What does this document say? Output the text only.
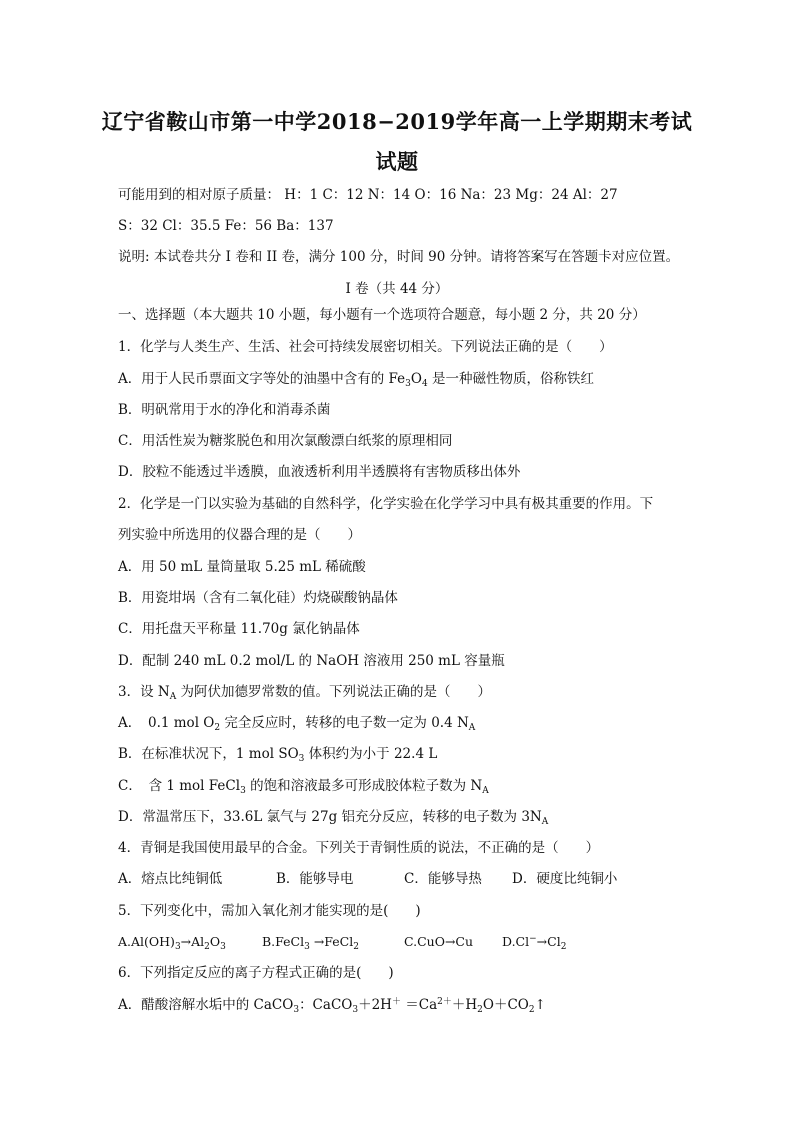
辽宁省鞍山市第一中学2018−2019学年高一上学期期末考试
试题
可能用到的相对原子质量： H：1 C：12 N：14 O：16 Na：23 Mg：24 Al：27
S：32 Cl：35.5 Fe：56 Ba：137
说明: 本试卷共分 I 卷和 II 卷，满分 100 分，时间 90 分钟。请将答案写在答题卡对应位置。
I 卷（共 44 分）
一、选择题（本大题共 10 小题，每小题有一个选项符合题意，每小题 2 分，共 20 分）
1．化学与人类生产、生活、社会可持续发展密切相关。下列说法正确的是（　　）
A．用于人民币票面文字等处的油墨中含有的 $Fe_3O_4$ 是一种磁性物质，俗称铁红
B．明矾常用于水的净化和消毒杀菌
C．用活性炭为糖浆脱色和用次氯酸漂白纸浆的原理相同
D．胶粒不能透过半透膜，血液透析利用半透膜将有害物质移出体外
2．化学是一门以实验为基础的自然科学，化学实验在化学学习中具有极其重要的作用。下
列实验中所选用的仪器合理的是（　　）
A．用 50 mL 量筒量取 5.25 mL 稀硫酸
B．用瓷坩埚（含有二氧化硅）灼烧碳酸钠晶体
C．用托盘天平称量 11.70g 氯化钠晶体
D．配制 240 mL 0.2 mol/L 的 NaOH 溶液用 250 mL 容量瓶
3．设 $N_A$ 为阿伏加德罗常数的值。下列说法正确的是（　　）
A．　0.1 mol $O_2$ 完全反应时，转移的电子数一定为 0.4 $N_A$
B．在标准状况下，1 mol $SO_3$ 体积约为小于 22.4 L
C．　含 1 mol FeCl$_3$ 的饱和溶液最多可形成胶体粒子数为 $N_A$
D．常温常压下，33.6L 氯气与 27g 铝充分反应，转移的电子数为 $3N_A$
4．青铜是我国使用最早的合金。下列关于青铜性质的说法，不正确的是（　　）
A．熔点比纯铜低	B．能够导电	C．能够导热 D．硬度比纯铜小
5．下列变化中，需加入氧化剂才能实现的是(　　)
$A.Al(OH)_3\to Al_2O_3$	B.FeCl$_3$ →FeCl$_2$	C.CuO→Cu $D.Cl^-\to Cl_2$
6．下列指定反应的离子方程式正确的是(　　)
A．醋酸溶解水垢中的 CaCO$_3$：CaCO$_3$＋2H＋ $=Ca^{2+}+H_2O+CO_2↑$
